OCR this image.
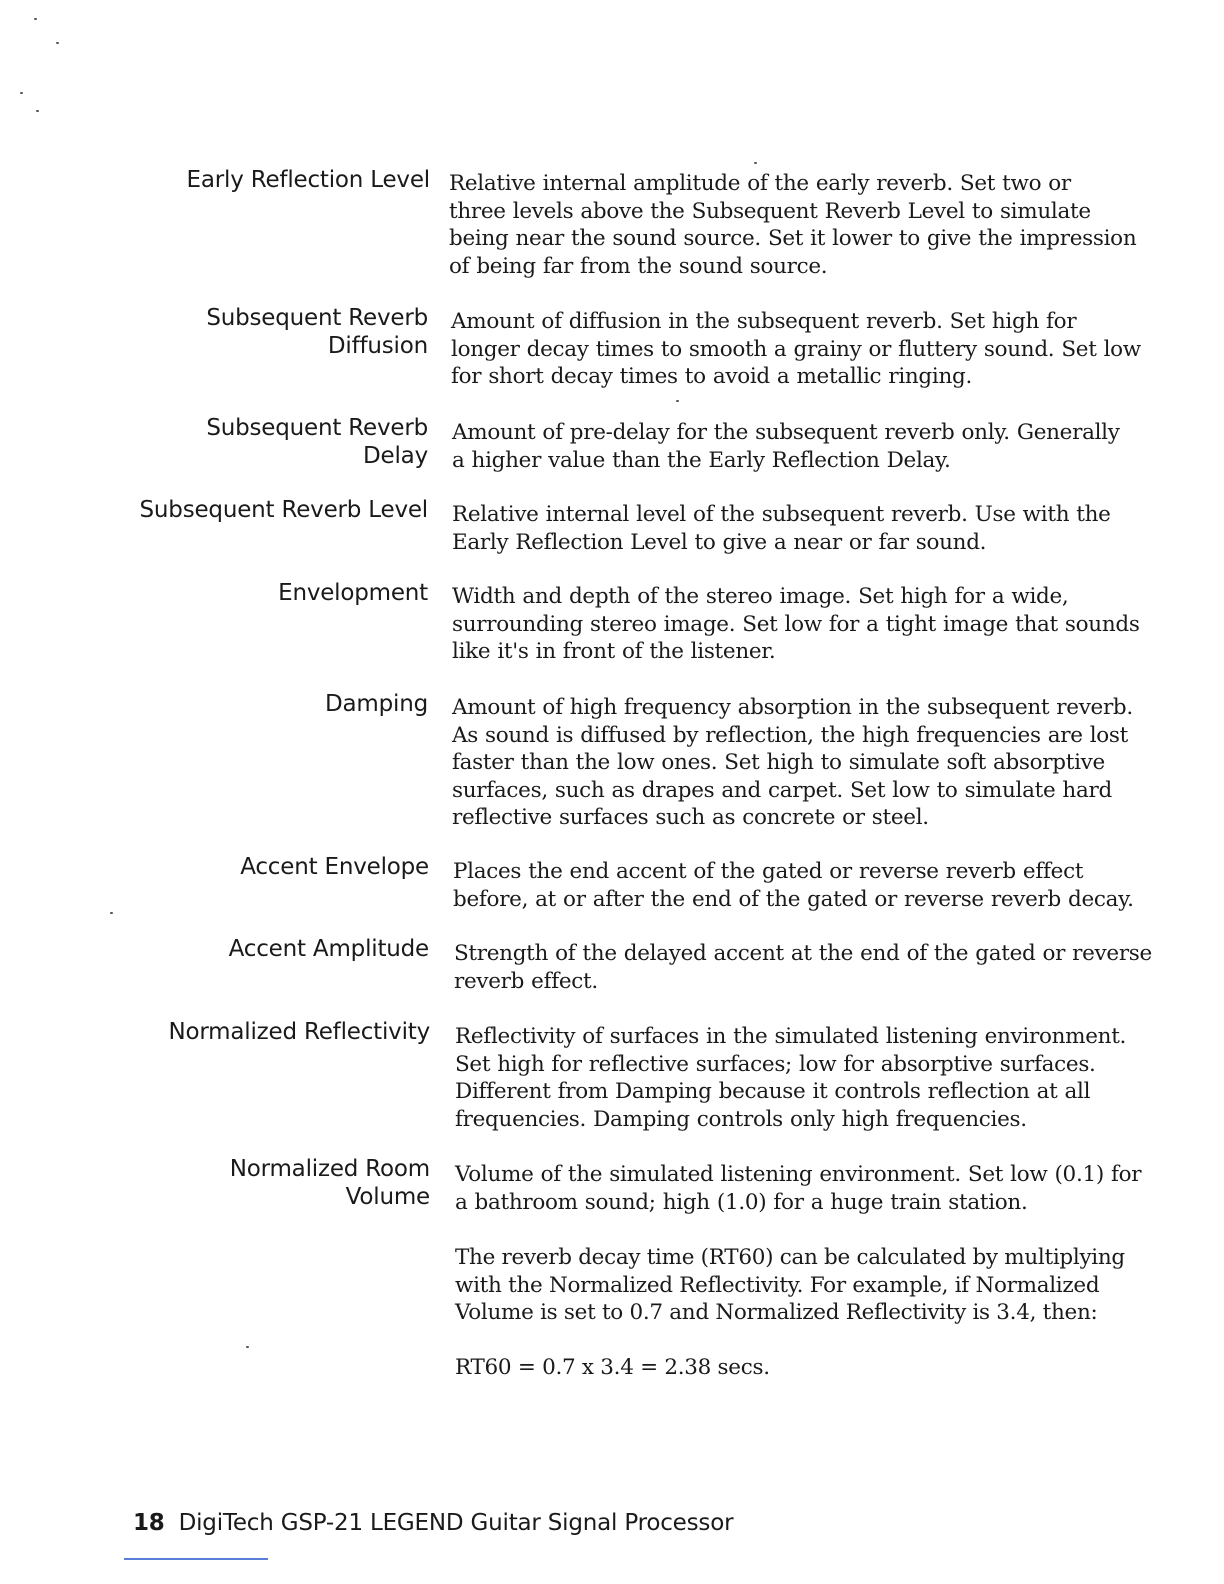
Early Reflection Level Relative internal amplitude of the early reverb. Set two or
three levels above the Subsequent Reverb Level to simulate
being near the sound source. Set it lower to give the impression
of being far from the sound source.
Subsequent Reverb
Diffusion
Amount of diffusion in the subsequent reverb. Set high for
longer decay times to smooth a grainy or fluttery sound. Set low
for short decay times to avoid a metallic ringing.
Subsequent Reverb
Delay
Amount of pre-delay for the subsequent reverb only. Generally
a higher value than the Early Reflection Delay.
Subsequent Reverb Level Relative internal level of the subsequent reverb. Use with the
Early Reflection Level to give a near or far sound.
Envelopment Width and depth of the stereo image. Set high for a wide,
surrounding stereo image. Set low for a tight image that sounds
like it's in front of the listener.
Damping Amount of high frequency absorption in the subsequent reverb.
As sound is diffused by reflection, the high frequencies are lost
faster than the low ones. Set high to simulate soft absorptive
surfaces, such as drapes and carpet. Set low to simulate hard
reflective surfaces such as concrete or steel.
Accent Envelope Places the end accent of the gated or reverse reverb effect
before, at or after the end of the gated or reverse reverb decay.
Accent Amplitude Strength of the delayed accent at the end of the gated or reverse
reverb effect.
Normalized Reflectivity Reflectivity of surfaces in the simulated listening environment.
Set high for reflective surfaces; low for absorptive surfaces.
Different from Damping because it controls reflection at all
frequencies. Damping controls only high frequencies.
Normalized Room
Volume
Volume of the simulated listening environment. Set low (0.1) for
a bathroom sound; high (1.0) for a huge train station.
The reverb decay time (RT60) can be calculated by multiplying
with the Normalized Reflectivity. For example, if Normalized
Volume is set to 0.7 and Normalized Reflectivity is 3.4, then:
RT60 = 0.7 x 3.4 = 2.38 secs.
18 DigiTech GSP-21 LEGEND Guitar Signal Processor
